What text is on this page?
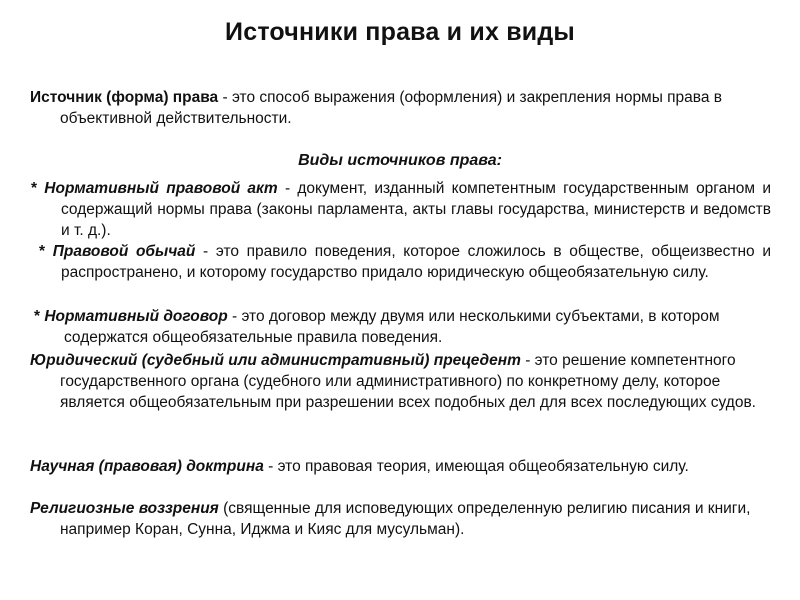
Источники права и их виды
Источник (форма) права - это способ выражения (оформления) и закрепления нормы права в объективной действительности.
Виды источников права:
* Нормативный правовой акт - документ, изданный компетентным государственным органом и содержащий нормы права (законы парламента, акты главы государства, министерств и ведомств и т. д.).
* Правовой обычай - это правило поведения, которое сложилось в обществе, общеизвестно и распространено, и которому государство придало юридическую общеобязательную силу.
* Нормативный договор - это договор между двумя или несколькими субъектами, в котором содержатся общеобязательные правила поведения.
Юридический (судебный или административный) прецедент - это решение компетентного государственного органа (судебного или административного) по конкретному делу, которое является общеобязательным при разрешении всех подобных дел для всех последующих судов.
Научная (правовая) доктрина - это правовая теория, имеющая общеобязательную силу.
Религиозные воззрения (священные для исповедующих определенную религию писания и книги, например Коран, Сунна, Иджма и Кияс для мусульман).
